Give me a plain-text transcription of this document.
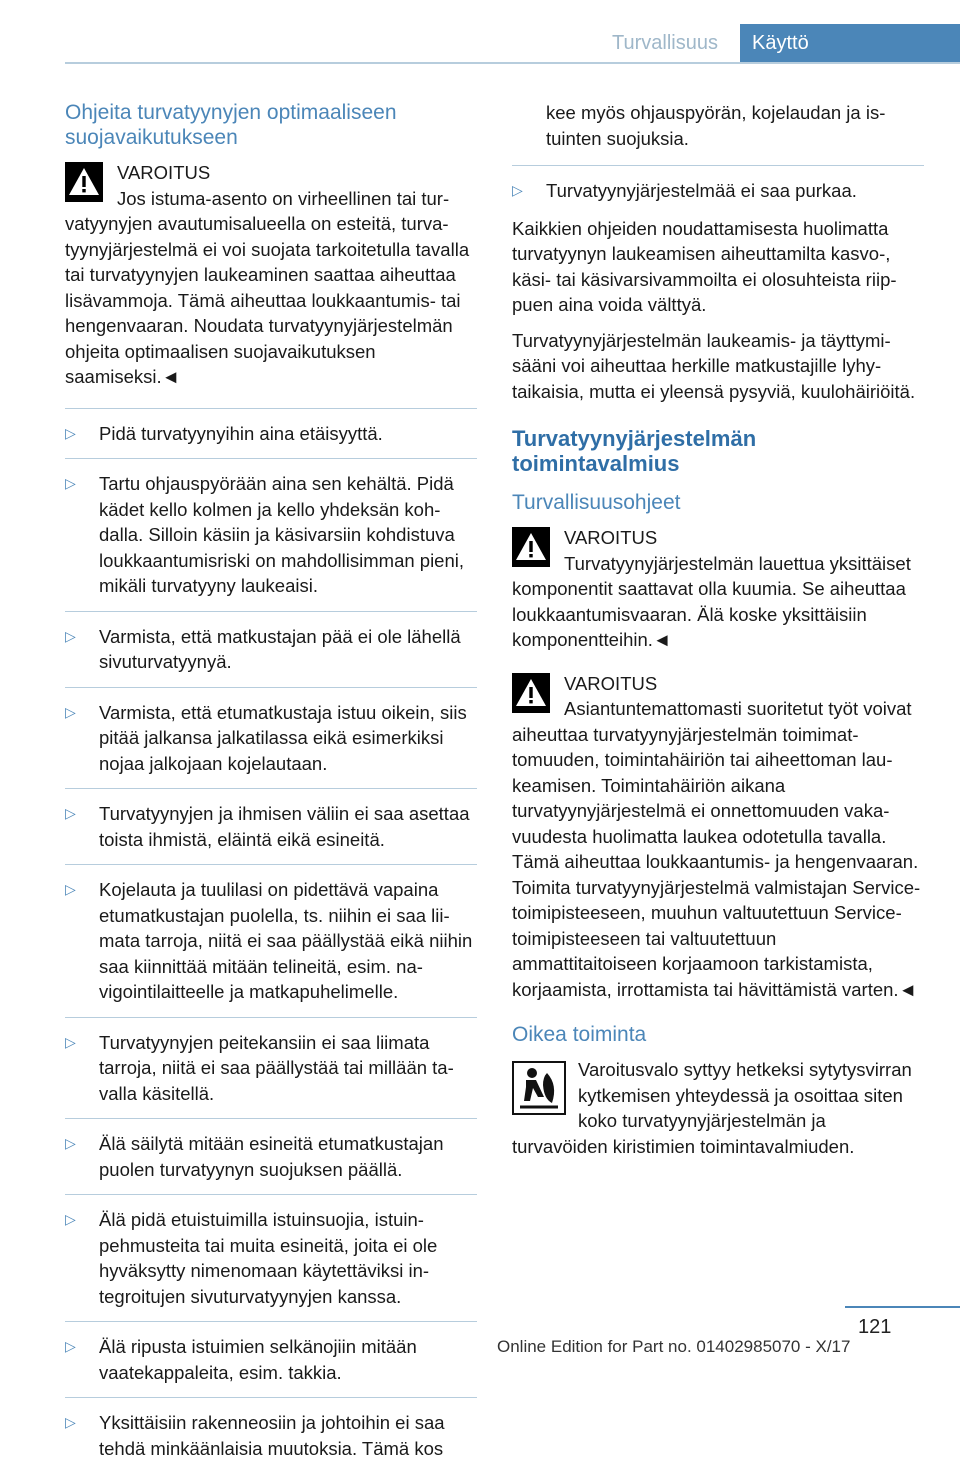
Turvallisuus	Käyttö
Ohjeita turvatyynyjen optimaaliseen suojavaikutukseen
VAROITUS

Jos istuma-asento on virheellinen tai turvatyynyjen avautumisalueella on esteitä, turvatyynyjärjestelmä ei voi suojata tarkoitetulla tavalla tai turvatyynyjen laukeaminen saattaa aiheuttaa lisävammoja. Tämä aiheuttaa loukkaantumis- tai hengenvaaran. Noudata turvatyynyjärjestelmän ohjeita optimaalisen suojavaikutuksen saamiseksi.◄

▷ Pidä turvatyynyihin aina etäisyyttä.
▷ Tartu ohjauspyörään aina sen kehältä. Pidä kädet kello kolmen ja kello yhdeksän kohdalla. Silloin käsiin ja käsivarsiin kohdistuva loukkaantumisriski on mahdollisimman pieni, mikäli turvatyyny laukeaisi.
▷ Varmista, että matkustajan pää ei ole lähellä sivuturvatyynyä.
▷ Varmista, että etumatkustaja istuu oikein, siis pitää jalkansa jalkatilassa eikä esimerkiksi nojaa jalkojaan kojelautaan.
▷ Turvatyynyjen ja ihmisen väliin ei saa asettaa toista ihmistä, eläintä eikä esineitä.
▷ Kojelauta ja tuulilasi on pidettävä vapaina etumatkustajan puolella, ts. niihin ei saa liimata tarroja, niitä ei saa päällystää eikä niihin saa kiinnittää mitään telineitä, esim. navigointilaitteelle ja matkapuhelimelle.
▷ Turvatyynyjen peitekansiin ei saa liimata tarroja, niitä ei saa päällystää tai millään tavalla käsitellä.
▷ Älä säilytä mitään esineitä etumatkustajan puolen turvatyynyn suojuksen päällä.
▷ Älä pidä etuistuimilla istuinsuojia, istuinpehmusteita tai muita esineitä, joita ei ole hyväksytty nimenomaan käytettäviksi integroitujen sivuturvatyynyjen kanssa.
▷ Älä ripusta istuimien selkänojiin mitään vaatekappaleita, esim. takkia.
▷ Yksittäisiin rakenneosiin ja johtoihin ei saa tehdä minkäänlaisia muutoksia. Tämä kos
kee myös ohjauspyörän, kojelaudan ja istuinten suojuksia.
▷ Turvatyynyjärjestelmää ei saa purkaa.

Kaikkien ohjeiden noudattamisesta huolimatta turvatyynyn laukeamisen aiheuttamilta kasvo-, käsi- tai käsivarsivammoilta ei olosuhteista riippuen aina voida välttyä.

Turvatyynyjärjestelmän laukeamis- ja täyttymisääni voi aiheuttaa herkille matkustajille lyhytaikaisia, mutta ei yleensä pysyviä, kuulohäiriöitä.

Turvatyynyjärjestelmän toimintavalmius
Turvallisuusohjeet
VAROITUS

Turvatyynyjärjestelmän lauettua yksittäiset komponentit saattavat olla kuumia. Se aiheuttaa loukkaantumisvaaran. Älä koske yksittäisiin komponentteihin.◄

VAROITUS

Asiantuntemattomasti suoritetut työt voivat aiheuttaa turvatyynyjärjestelmän toimimattomuuden, toimintahäiriön tai aiheettoman laukeamisen. Toimintahäiriön aikana turvatyynyjärjestelmä ei onnettomuuden vakavuudesta huolimatta laukea odotetulla tavalla. Tämä aiheuttaa loukkaantumis- ja hengenvaaran. Toimita turvatyynyjärjestelmä valmistajan Service-toimipisteeseen, muuhun valtuutettuun Service-toimipisteeseen tai valtuutettuun ammattitaitoiseen korjaamoon tarkistamista, korjaamista, irrottamista tai hävittämistä varten.◄

Oikea toiminta
Varoitusvalo syttyy hetkeksi sytytysvirran kytkemisen yhteydessä ja osoittaa siten koko turvatyynyjärjestelmän ja turvavöiden kiristimien toimintavalmiuden.
121
Online Edition for Part no. 01402985070 - X/17
